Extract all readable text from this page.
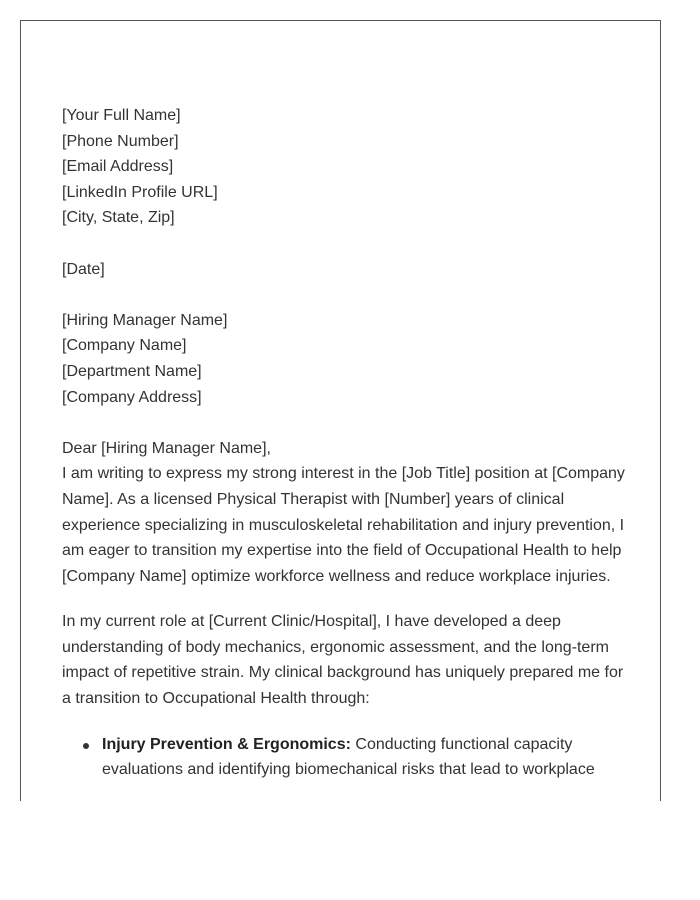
[Your Full Name]
[Phone Number]
[Email Address]
[LinkedIn Profile URL]
[City, State, Zip]
[Date]
[Hiring Manager Name]
[Company Name]
[Department Name]
[Company Address]
Dear [Hiring Manager Name],
I am writing to express my strong interest in the [Job Title] position at [Company Name]. As a licensed Physical Therapist with [Number] years of clinical experience specializing in musculoskeletal rehabilitation and injury prevention, I am eager to transition my expertise into the field of Occupational Health to help [Company Name] optimize workforce wellness and reduce workplace injuries.

In my current role at [Current Clinic/Hospital], I have developed a deep understanding of body mechanics, ergonomic assessment, and the long-term impact of repetitive strain. My clinical background has uniquely prepared me for a transition to Occupational Health through:

Injury Prevention & Ergonomics: Conducting functional capacity evaluations and identifying biomechanical risks that lead to workplace
